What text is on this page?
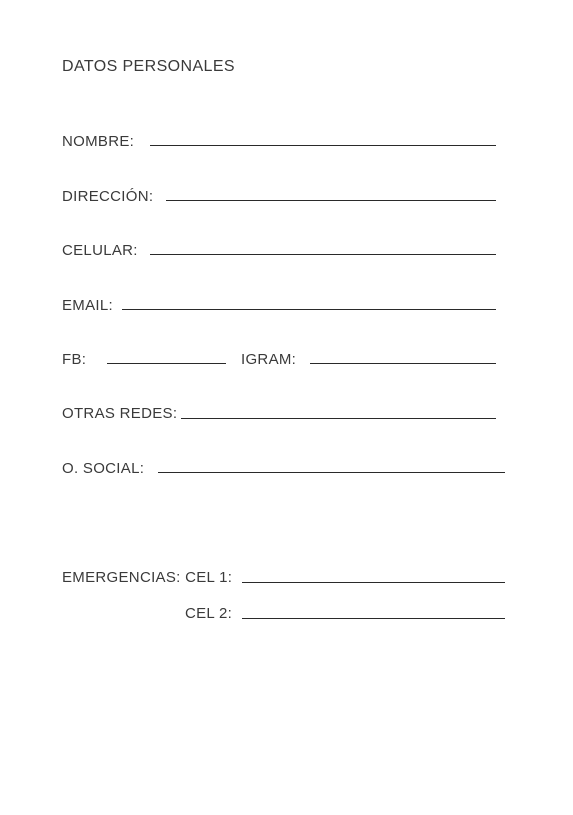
DATOS PERSONALES
NOMBRE:
DIRECCIÓN:
CELULAR:
EMAIL:
FB:	IGRAM:
OTRAS REDES:
O. SOCIAL:
EMERGENCIAS: CEL 1:
CEL 2:
